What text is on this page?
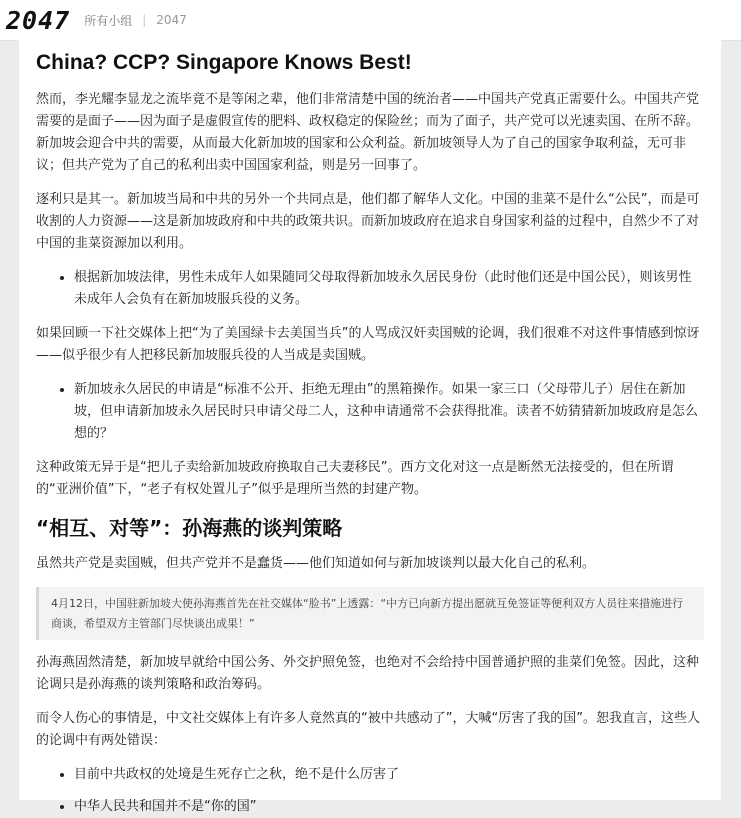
2047 所有小组 | 2047
China? CCP? Singapore Knows Best!

然而，李光耀李显龙之流毕竟不是等闲之辈，他们非常清楚中国的统治者——中国共产党真正需要什么。中国共产党需要的是面子——因为面子是虚假宣传的肥料、政权稳定的保险丝；而为了面子，共产党可以光速卖国、在所不辞。新加坡会迎合中共的需要，从而最大化新加坡的国家和公众利益。新加坡领导人为了自己的国家争取利益，无可非议；但共产党为了自己的私利出卖中国国家利益，则是另一回事了。

逐利只是其一。新加坡当局和中共的另外一个共同点是，他们都了解华人文化。中国的韭菜不是什么“公民”，而是可收割的人力资源——这是新加坡政府和中共的政策共识。而新加坡政府在追求自身国家利益的过程中，自然少不了对中国的韭菜资源加以利用。

• 根据新加坡法律，男性未成年人如果随同父母取得新加坡永久居民身份（此时他们还是中国公民），则该男性未成年人会负有在新加坡服兵役的义务。

如果回顾一下社交媒体上把“为了美国绿卡去美国当兵”的人骂成汉奸卖国贼的论调，我们很难不对这件事情感到惊讶——似乎很少有人把移民新加坡服兵役的人当成是卖国贼。

• 新加坡永久居民的申请是“标准不公开、拒绝无理由”的黑箱操作。如果一家三口（父母带儿子）居住在新加坡，但申请新加坡永久居民时只申请父母二人，这种申请通常不会获得批准。读者不妨猜猜新加坡政府是怎么想的？

这种政策无异于是“把儿子卖给新加坡政府换取自己夫妻移民”。西方文化对这一点是断然无法接受的，但在所谓的“亚洲价值”下，“老子有权处置儿子”似乎是理所当然的封建产物。

“相互、对等”：孙海燕的谈判策略

虽然共产党是卖国贼，但共产党并不是蠢货——他们知道如何与新加坡谈判以最大化自己的私利。

4月12日，中国驻新加坡大使孙海燕首先在社交媒体“脸书”上透露：“中方已向新方提出愿就互免签证等便利双方人员往来措施进行商谈，希望双方主管部门尽快谈出成果！”

孙海燕固然清楚，新加坡早就给中国公务、外交护照免签，也绝对不会给持中国普通护照的韭菜们免签。因此，这种论调只是孙海燕的谈判策略和政治筹码。

而令人伤心的事情是，中文社交媒体上有许多人竟然真的“被中共感动了”，大喊“厉害了我的国”。恕我直言，这些人的论调中有两处错误：

• 目前中共政权的处境是生死存亡之秋，绝不是什么厉害了
• 中华人民共和国并不是“你的国”
